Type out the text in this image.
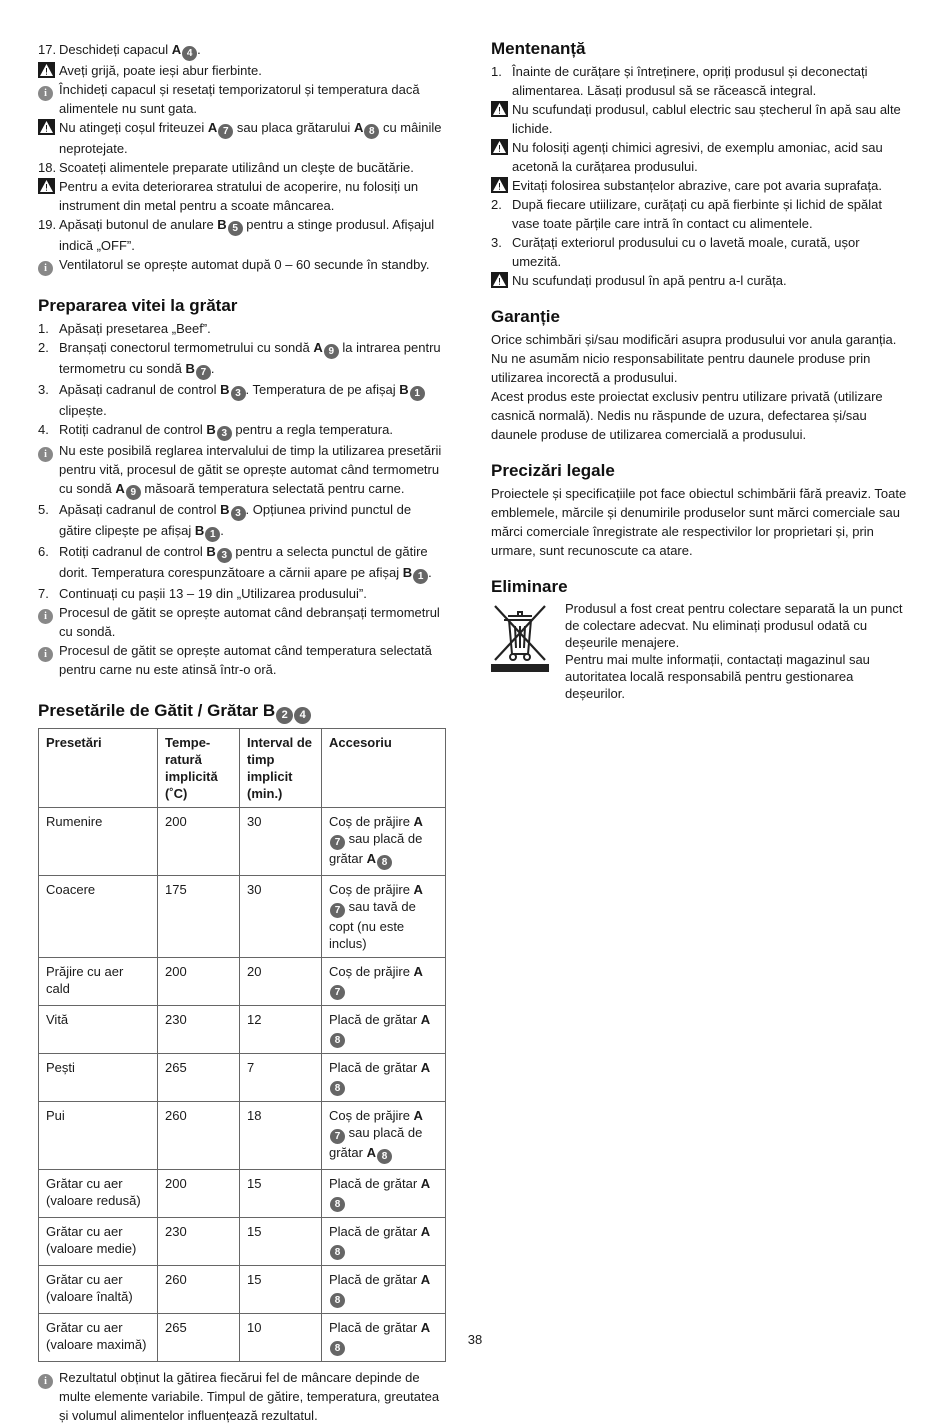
17. Deschideți capacul A 4 .
Aveți grijă, poate ieși abur fierbinte.
i Închideți capacul și resetați temporizatorul și temperatura dacă alimentele nu sunt gata.
Nu atingeți coșul friteuzei A 7 sau placa grătarului A 8 cu mâinile neprotejate.
18. Scoateți alimentele preparate utilizând un cleşte de bucătărie.
Pentru a evita deteriorarea stratului de acoperire, nu folosiți un instrument din metal pentru a scoate mâncarea.
19. Apăsați butonul de anulare B 5 pentru a stinge produsul. Afișajul indică „OFF”.
i Ventilatorul se oprește automat după 0 – 60 secunde în standby.
Prepararea vitei la grătar
1. Apăsați presetarea „Beef”.
2. Branșați conectorul termometrului cu sondă A 9 la intrarea pentru termometru cu sondă B 7 .
3. Apăsați cadranul de control B 3 . Temperatura de pe afișaj B 1 clipește.
4. Rotiți cadranul de control B 3 pentru a regla temperatura.
i Nu este posibilă reglarea intervalului de timp la utilizarea presetării pentru vită, procesul de gătit se oprește automat când termometru cu sondă A 9 măsoară temperatura selectată pentru carne.
5. Apăsați cadranul de control B 3 . Opțiunea privind punctul de gătire clipește pe afișaj B 1 .
6. Rotiți cadranul de control B 3 pentru a selecta punctul de gătire dorit. Temperatura corespunzătoare a cărnii apare pe afișaj B 1 .
7. Continuați cu pașii 13 – 19 din „Utilizarea produsului”.
i Procesul de gătit se oprește automat când debranșați termometrul cu sondă.
i Procesul de gătit se oprește automat când temperatura selectată pentru carne nu este atinsă într-o oră.
Presetările de Gătit / Grătar B 2 4
Presetări	Tempe-ratură implicită (˚C)	Interval de timp implicit (min.)	Accesoriu
Rumenire	200	30	Coș de prăjire A7 sau placă de grătar A 8
Coacere	175	30	Coș de prăjire A7 sau tavă de copt (nu este inclus)
Prăjire cu aer cald	200	20	Coș de prăjire A7
Vită	230	12	Placă de grătar A8
Pești	265	7	Placă de grătar A8
Pui	260	18	Coș de prăjire A7 sau placă de grătar A 8
Grătar cu aer (valoare redusă)	200	15	Placă de grătar A8
Grătar cu aer (valoare medie)	230	15	Placă de grătar A8
Grătar cu aer (valoare înaltă)	260	15	Placă de grătar A8
Grătar cu aer (valoare maximă)	265	10	Placă de grătar A8
i Rezultatul obținut la gătirea fiecărui fel de mâncare depinde de multe elemente variabile. Timpul de gătire, temperatura, greutatea și volumul alimentelor influențează rezultatul.
Mentenanță
1. Înainte de curățare și întreținere, opriți produsul și deconectați alimentarea. Lăsați produsul să se răcească integral.
Nu scufundați produsul, cablul electric sau ștecherul în apă sau alte lichide.
Nu folosiți agenți chimici agresivi, de exemplu amoniac, acid sau acetonă la curățarea produsului.
Evitați folosirea substanțelor abrazive, care pot avaria suprafața.
2. După fiecare utiilizare, curățați cu apă fierbinte și lichid de spălat vase toate părțile care intră în contact cu alimentele.
3. Curățați exteriorul produsului cu o lavetă moale, curată, ușor umezită.
Nu scufundați produsul în apă pentru a-l curăța.
Garanție

Orice schimbări și/sau modificări asupra produsului vor anula garanția. Nu ne asumăm nicio responsabilitate pentru daunele produse prin utilizarea incorectă a produsului.

Acest produs este proiectat exclusiv pentru utilizare privată (utilizare casnică normală). Nedis nu răspunde de uzura, defectarea și/sau daunele produse de utilizarea comercială a produsului.

Precizări legale

Proiectele și specificațiile pot face obiectul schimbării fără preaviz. Toate emblemele, mărcile și denumirile produselor sunt mărci comerciale sau mărci comerciale înregistrate ale respectivilor lor proprietari și, prin urmare, sunt recunoscute ca atare.

Eliminare
Produsul a fost creat pentru colectare separată la un punct de colectare adecvat. Nu eliminați produsul odată cu deșeurile menajere.
Pentru mai multe informații, contactați magazinul sau autoritatea locală responsabilă pentru gestionarea deșeurilor.
38
